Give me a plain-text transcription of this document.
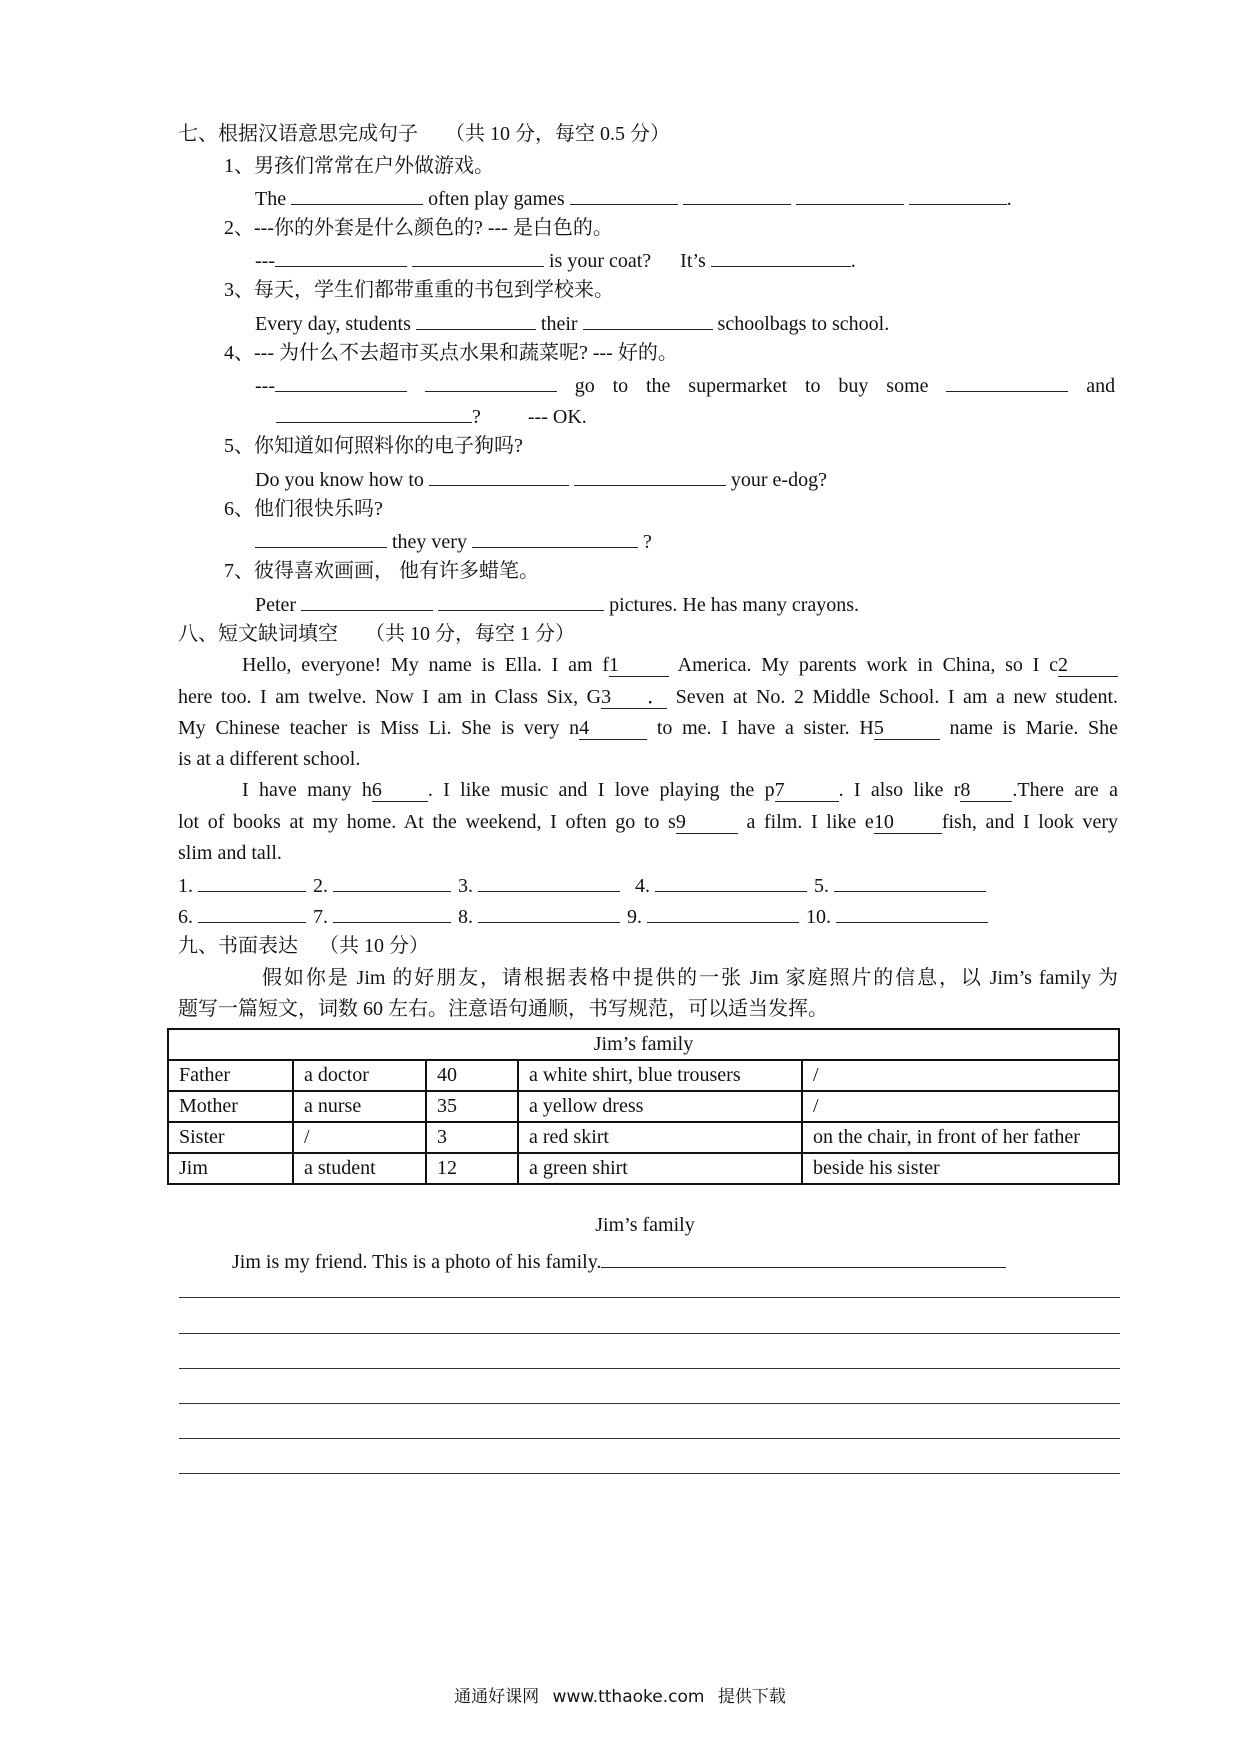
七、根据汉语意思完成句子 （共 10 分，每空 0.5 分）
1、男孩们常常在户外做游戏。
The	often play games	.
2、---你的外套是什么颜色的? --- 是白色的。
---	is your coat? It’s	.
3、每天，学生们都带重重的书包到学校来。
Every day, students	their	schoolbags to school.
4、--- 为什么不去超市买点水果和蔬菜呢? --- 好的。
---	go to the supermarket to buy some	and
? --- OK.
5、你知道如何照料你的电子狗吗?
Do you know how to	your e-dog?
6、他们很快乐吗?
they very	?
7、彼得喜欢画画， 他有许多蜡笔。
Peter	pictures. He has many crayons.
八、短文缺词填空 （共 10 分，每空 1 分）
Hello, everyone! My name is Ella. I am f1	America. My parents work in China, so I c2
here too. I am twelve. Now I am in Class Six, G3． Seven at No. 2 Middle School. I am a new student.
My Chinese teacher is Miss Li. She is very n4	to me. I have a sister. H5	name is Marie. She
is at a different school.
I have many h6 . I like music and I love playing the p7	. I also like r8 .There are a
lot of books at my home. At the weekend, I often go to s9	a film. I like e10 fish, and I look very
slim and tall.
1.	2.	3.	4.	5.
6.	7.	8.	9.	10.
九、书面表达 （共 10 分）
假如你是 Jim 的好朋友，请根据表格中提供的一张 Jim 家庭照片的信息，以 Jim’s family 为
题写一篇短文，词数 60 左右。注意语句通顺，书写规范，可以适当发挥。
Jim’s family				
Father	a doctor	40	a white shirt, blue trousers	/
Mother	a nurse	35	a yellow dress	/
Sister	/	3	a red skirt	on the chair, in front of her father
Jim	a student	12	a green shirt	beside his sister
Jim’s family
Jim is my friend. This is a photo of his family.
通通好课网 www.tthaoke.com 提供下载
